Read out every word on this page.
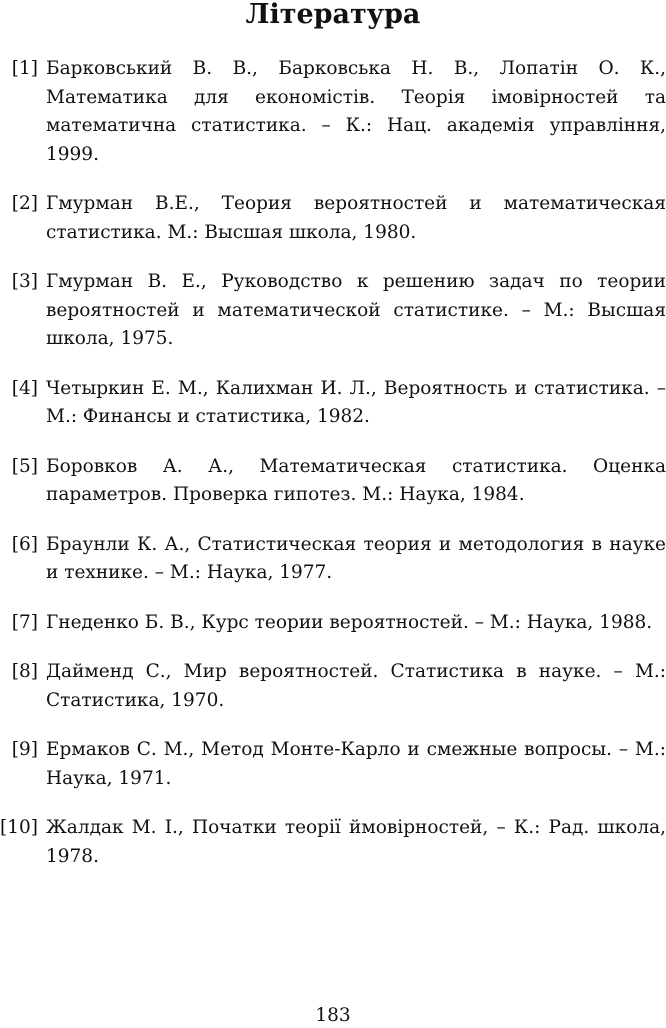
Література
[1] Барковський В. В., Барковська Н. В., Лопатін О. К., Математика для економістів. Теорія імовірностей та математична статистика. – К.: Нац. академія управління, 1999.
[2] Гмурман В.Е., Теория вероятностей и математическая статистика. М.: Высшая школа, 1980.
[3] Гмурман В. Е., Руководство к решению задач по теории вероятностей и математической статистике. – М.: Высшая школа, 1975.
[4] Четыркин Е. М., Калихман И. Л., Вероятность и статистика. – М.: Финансы и статистика, 1982.
[5] Боровков А. А., Математическая статистика. Оценка параметров. Проверка гипотез. М.: Наука, 1984.
[6] Браунли К. А., Статистическая теория и методология в науке и технике. – М.: Наука, 1977.
[7] Гнеденко Б. В., Курс теории вероятностей. – М.: Наука, 1988.
[8] Дайменд С., Мир вероятностей. Статистика в науке. – М.: Статистика, 1970.
[9] Ермаков С. М., Метод Монте-Карло и смежные вопросы. – М.: Наука, 1971.
[10] Жалдак М. I., Початки теорії ймовірностей, – К.: Рад. школа, 1978.
183
